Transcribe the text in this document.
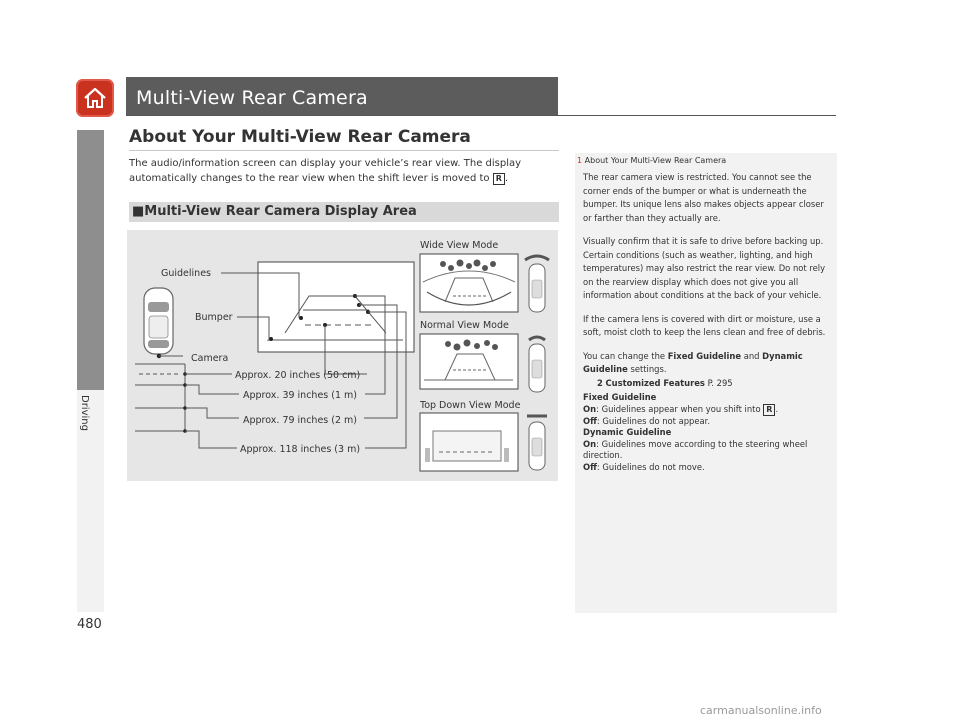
Multi-View Rear Camera
Driving
About Your Multi-View Rear Camera
The audio/information screen can display your vehicle’s rear view. The display automatically changes to the rear view when the shift lever is moved to R .
■Multi-View Rear Camera Display Area
Guidelines
Bumper
Camera
Approx. 20 inches (50 cm)
Approx. 39 inches (1 m)
Approx. 79 inches (2 m)
Approx. 118 inches (3 m)
Wide View Mode
Normal View Mode
Top Down View Mode
1 About Your Multi-View Rear Camera

The rear camera view is restricted. You cannot see the corner ends of the bumper or what is underneath the bumper. Its unique lens also makes objects appear closer or farther than they actually are.

Visually confirm that it is safe to drive before backing up. Certain conditions (such as weather, lighting, and high temperatures) may also restrict the rear view. Do not rely on the rearview display which does not give you all information about conditions at the back of your vehicle.

If the camera lens is covered with dirt or moisture, use a soft, moist cloth to keep the lens clean and free of debris.

You can change the Fixed Guideline and Dynamic Guideline settings.
2 Customized Features P. 295

Fixed Guideline
On: Guidelines appear when you shift into R .
Off: Guidelines do not appear.
Dynamic Guideline
On: Guidelines move according to the steering wheel direction.
Off: Guidelines do not move.
480
carmanualsonline.info
